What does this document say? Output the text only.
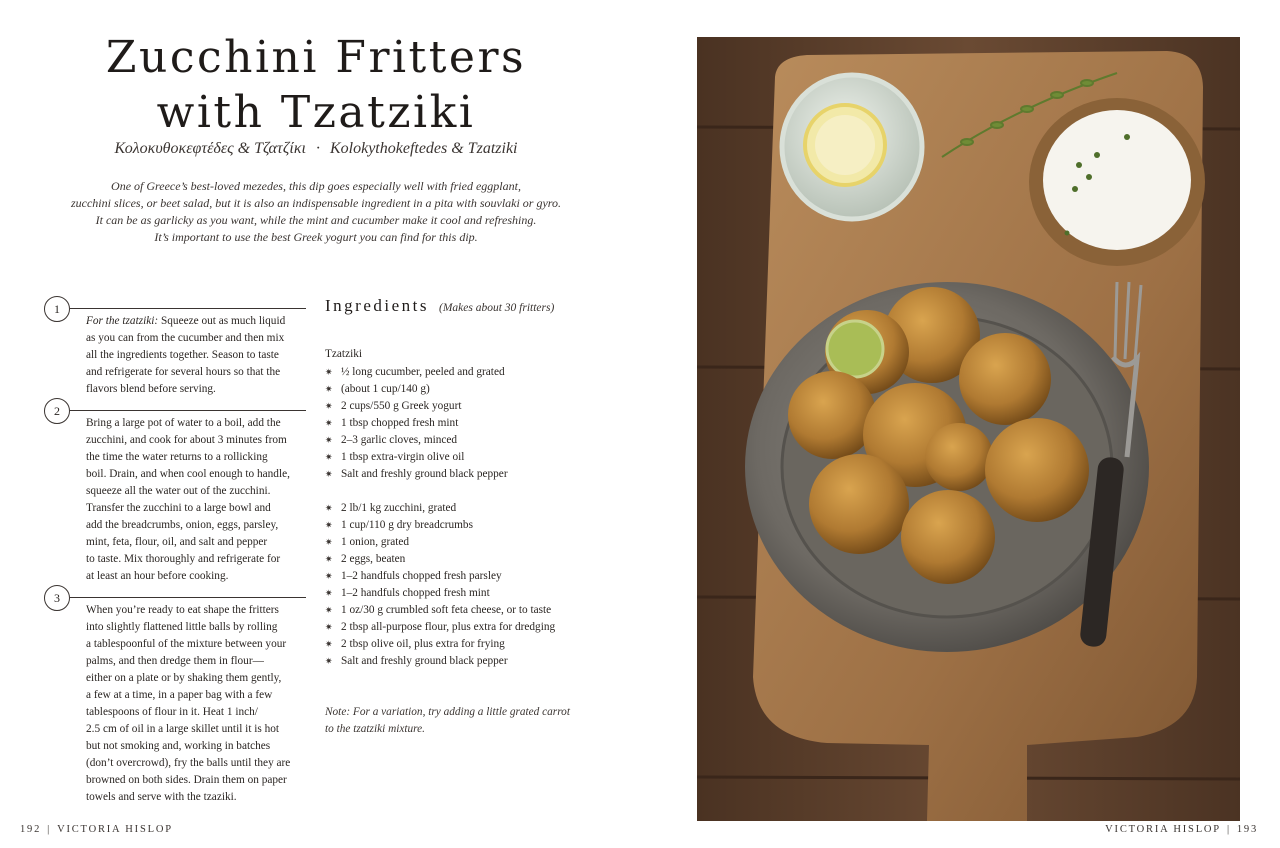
Zucchini Fritters
with Tzatziki
Κολοκυθοκεφτέδες & Τζατζίκι · Kolokythokeftedes & Tzatziki
One of Greece’s best-loved mezedes, this dip goes especially well with fried eggplant,
zucchini slices, or beet salad, but it is also an indispensable ingredient in a pita with souvlaki or gyro.
It can be as garlicky as you want, while the mint and cucumber make it cool and refreshing.
It’s important to use the best Greek yogurt you can find for this dip.
1

For the tzatziki: Squeeze out as much liquid
as you can from the cucumber and then mix
all the ingredients together. Season to taste
and refrigerate for several hours so that the
flavors blend before serving.

2

Bring a large pot of water to a boil, add the
zucchini, and cook for about 3 minutes from
the time the water returns to a rollicking
boil. Drain, and when cool enough to handle,
squeeze all the water out of the zucchini.
Transfer the zucchini to a large bowl and
add the breadcrumbs, onion, eggs, parsley,
mint, feta, flour, oil, and salt and pepper
to taste. Mix thoroughly and refrigerate for
at least an hour before cooking.

3

When you’re ready to eat shape the fritters
into slightly flattened little balls by rolling
a tablespoonful of the mixture between your
palms, and then dredge them in flour—
either on a plate or by shaking them gently,
a few at a time, in a paper bag with a few
tablespoons of flour in it. Heat 1 inch/
2.5 cm of oil in a large skillet until it is hot
but not smoking and, working in batches
(don’t overcrowd), fry the balls until they are
browned on both sides. Drain them on paper
towels and serve with the tzaziki.

Ingredients (Makes about 30 fritters)
Tzatziki
✷ ½ long cucumber, peeled and grated
✷ (about 1 cup/140 g)
✷ 2 cups/550 g Greek yogurt
✷ 1 tbsp chopped fresh mint
✷ 2–3 garlic cloves, minced
✷ 1 tbsp extra-virgin olive oil
✷ Salt and freshly ground black pepper
✷ 2 lb/1 kg zucchini, grated
✷ 1 cup/110 g dry breadcrumbs
✷ 1 onion, grated
✷ 2 eggs, beaten
✷ 1–2 handfuls chopped fresh parsley
✷ 1–2 handfuls chopped fresh mint
✷ 1 oz/30 g crumbled soft feta cheese, or to taste
✷ 2 tbsp all-purpose flour, plus extra for dredging
✷ 2 tbsp olive oil, plus extra for frying
✷ Salt and freshly ground black pepper
Note: For a variation, try adding a little grated carrot
to the tzatziki mixture.
192 | VICTORIA HISLOP	VICTORIA HISLOP | 193
